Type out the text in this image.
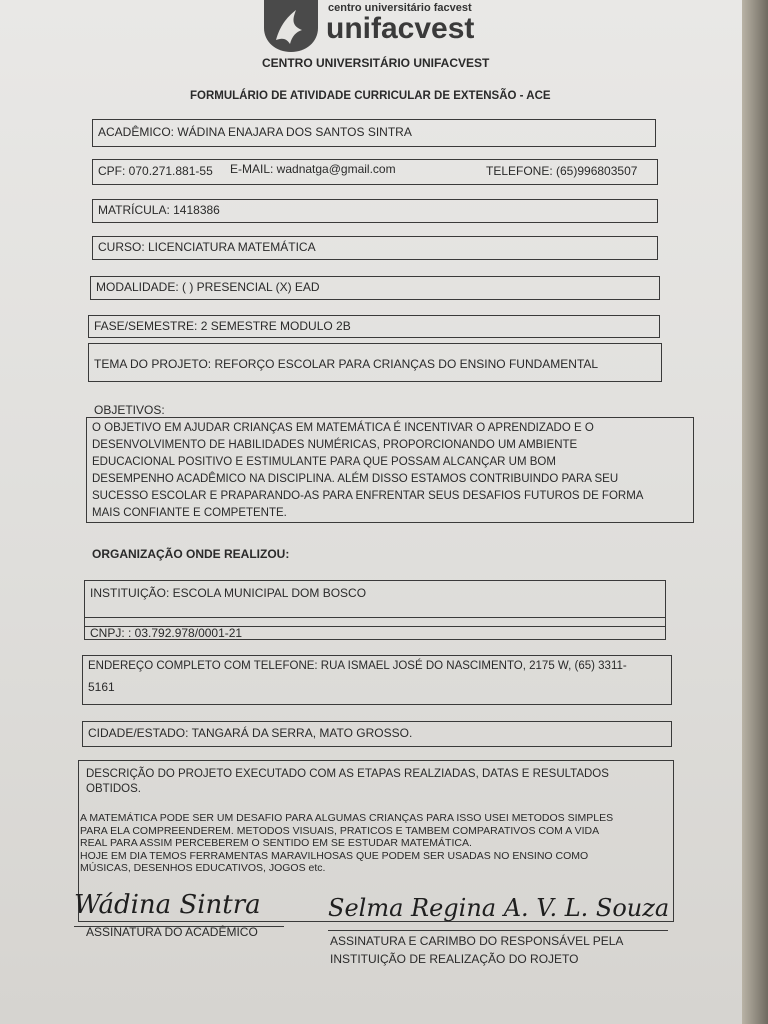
centro universitário facvest
unifacvest
CENTRO UNIVERSITÁRIO UNIFACVEST
FORMULÁRIO DE ATIVIDADE CURRICULAR DE EXTENSÃO - ACE
ACADÊMICO: WÁDINA ENAJARA DOS SANTOS SINTRA
CPF: 070.271.881-55 E-MAIL: wadnatga@gmail.com	TELEFONE: (65)996803507
MATRÍCULA: 1418386
CURSO: LICENCIATURA MATEMÁTICA
MODALIDADE: ( ) PRESENCIAL (X) EAD
FASE/SEMESTRE: 2 SEMESTRE MODULO 2B
TEMA DO PROJETO: REFORÇO ESCOLAR PARA CRIANÇAS DO ENSINO FUNDAMENTAL
OBJETIVOS:
O OBJETIVO EM AJUDAR CRIANÇAS EM MATEMÁTICA É INCENTIVAR O APRENDIZADO E O
DESENVOLVIMENTO DE HABILIDADES NUMÉRICAS, PROPORCIONANDO UM AMBIENTE
EDUCACIONAL POSITIVO E ESTIMULANTE PARA QUE POSSAM ALCANÇAR UM BOM
DESEMPENHO ACADÊMICO NA DISCIPLINA. ALÉM DISSO ESTAMOS CONTRIBUINDO PARA SEU
SUCESSO ESCOLAR E PRAPARANDO-AS PARA ENFRENTAR SEUS DESAFIOS FUTUROS DE FORMA
MAIS CONFIANTE E COMPETENTE.
ORGANIZAÇÃO ONDE REALIZOU:
INSTITUIÇÃO: ESCOLA MUNICIPAL DOM BOSCO
CNPJ: : 03.792.978/0001-21
ENDEREÇO COMPLETO COM TELEFONE: RUA ISMAEL JOSÉ DO NASCIMENTO, 2175 W, (65) 3311-
5161
CIDADE/ESTADO: TANGARÁ DA SERRA, MATO GROSSO.
DESCRIÇÃO DO PROJETO EXECUTADO COM AS ETAPAS REALZIADAS, DATAS E RESULTADOS
OBTIDOS.
A MATEMÁTICA PODE SER UM DESAFIO PARA ALGUMAS CRIANÇAS PARA ISSO USEI METODOS SIMPLES
PARA ELA COMPREENDEREM. METODOS VISUAIS, PRATICOS E TAMBEM COMPARATIVOS COM A VIDA
REAL PARA ASSIM PERCEBEREM O SENTIDO EM SE ESTUDAR MATEMÁTICA.
HOJE EM DIA TEMOS FERRAMENTAS MARAVILHOSAS QUE PODEM SER USADAS NO ENSINO COMO
MÚSICAS, DESENHOS EDUCATIVOS, JOGOS etc.
Wádina Sintra
ASSINATURA DO ACADÊMICO
Selma Regina A. V. L. Souza
ASSINATURA E CARIMBO DO RESPONSÁVEL PELA
INSTITUIÇÃO DE REALIZAÇÃO DO ROJETO
